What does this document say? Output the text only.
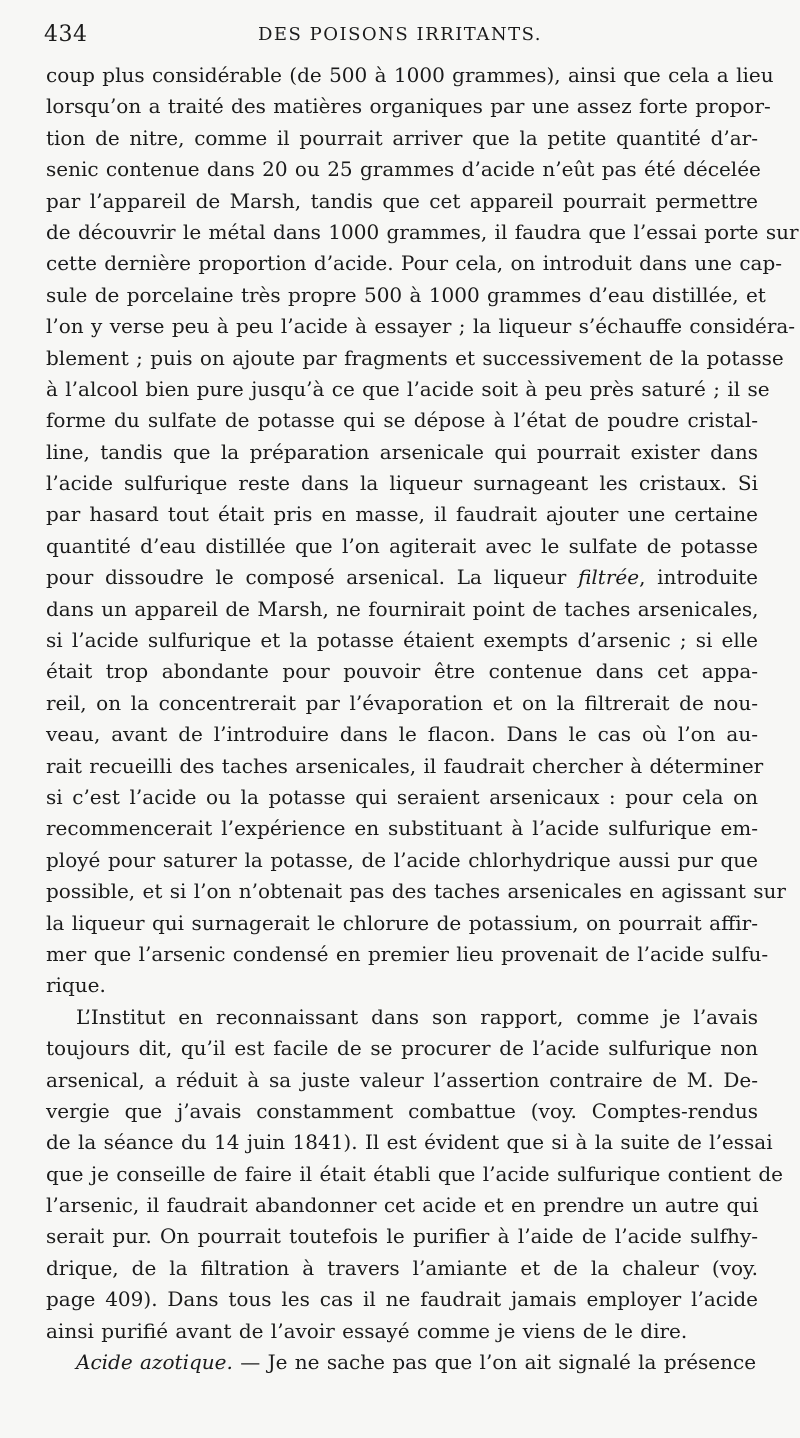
434	DES POISONS IRRITANTS.
coup plus considérable (de 500 à 1000 grammes), ainsi que cela a lieu
lorsqu’on a traité des matières organiques par une assez forte propor-
tion de nitre, comme il pourrait arriver que la petite quantité d’ar-
senic contenue dans 20 ou 25 grammes d’acide n’eût pas été décelée
par l’appareil de Marsh, tandis que cet appareil pourrait permettre
de découvrir le métal dans 1000 grammes, il faudra que l’essai porte sur
cette dernière proportion d’acide. Pour cela, on introduit dans une cap-
sule de porcelaine très propre 500 à 1000 grammes d’eau distillée, et
l’on y verse peu à peu l’acide à essayer ; la liqueur s’échauffe considéra-
blement ; puis on ajoute par fragments et successivement de la potasse
à l’alcool bien pure jusqu’à ce que l’acide soit à peu près saturé ; il se
forme du sulfate de potasse qui se dépose à l’état de poudre cristal-
line, tandis que la préparation arsenicale qui pourrait exister dans
l’acide sulfurique reste dans la liqueur surnageant les cristaux. Si
par hasard tout était pris en masse, il faudrait ajouter une certaine
quantité d’eau distillée que l’on agiterait avec le sulfate de potasse
pour dissoudre le composé arsenical. La liqueur filtrée, introduite
dans un appareil de Marsh, ne fournirait point de taches arsenicales,
si l’acide sulfurique et la potasse étaient exempts d’arsenic ; si elle
était trop abondante pour pouvoir être contenue dans cet appa-
reil, on la concentrerait par l’évaporation et on la filtrerait de nou-
veau, avant de l’introduire dans le flacon. Dans le cas où l’on au-
rait recueilli des taches arsenicales, il faudrait chercher à déterminer
si c’est l’acide ou la potasse qui seraient arsenicaux : pour cela on
recommencerait l’expérience en substituant à l’acide sulfurique em-
ployé pour saturer la potasse, de l’acide chlorhydrique aussi pur que
possible, et si l’on n’obtenait pas des taches arsenicales en agissant sur
la liqueur qui surnagerait le chlorure de potassium, on pourrait affir-
mer que l’arsenic condensé en premier lieu provenait de l’acide sulfu-
rique.
L’Institut en reconnaissant dans son rapport, comme je l’avais
toujours dit, qu’il est facile de se procurer de l’acide sulfurique non
arsenical, a réduit à sa juste valeur l’assertion contraire de M. De-
vergie que j’avais constamment combattue (voy. Comptes-rendus
de la séance du 14 juin 1841). Il est évident que si à la suite de l’essai
que je conseille de faire il était établi que l’acide sulfurique contient de
l’arsenic, il faudrait abandonner cet acide et en prendre un autre qui
serait pur. On pourrait toutefois le purifier à l’aide de l’acide sulfhy-
drique, de la filtration à travers l’amiante et de la chaleur (voy.
page 409). Dans tous les cas il ne faudrait jamais employer l’acide
ainsi purifié avant de l’avoir essayé comme je viens de le dire.
Acide azotique. — Je ne sache pas que l’on ait signalé la présence
